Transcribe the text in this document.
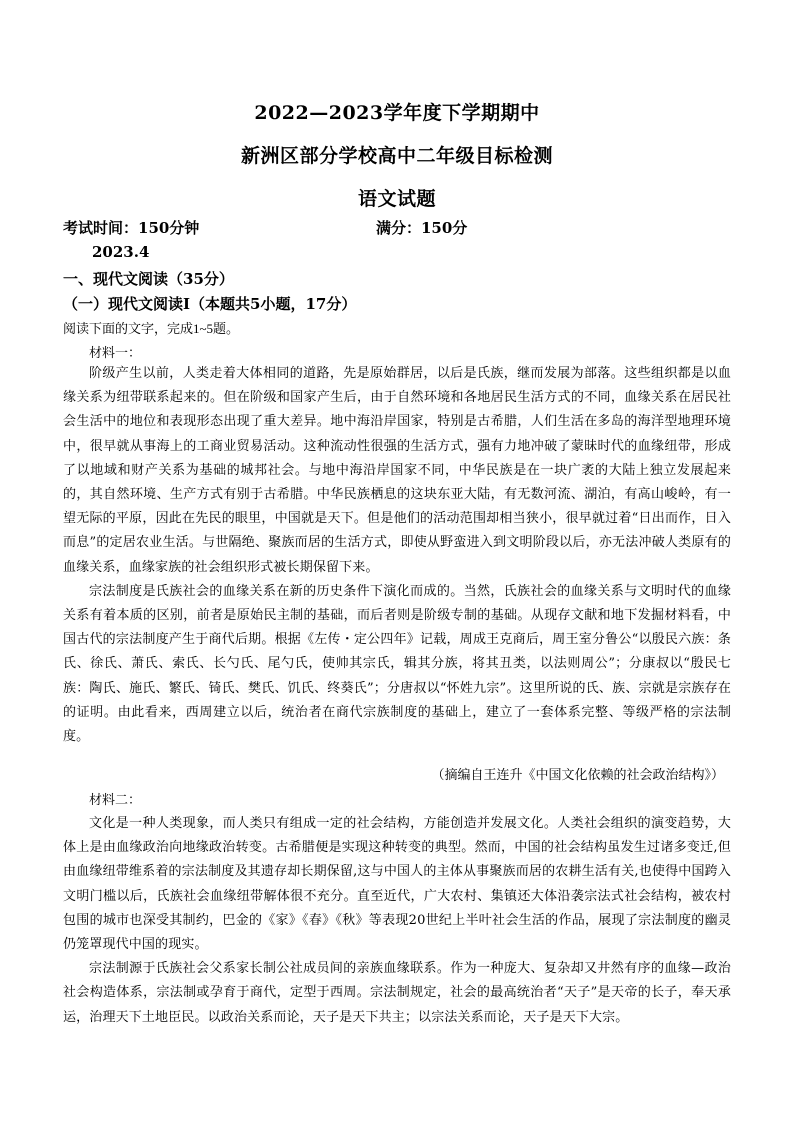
2022—2023学年度下学期期中
新洲区部分学校高中二年级目标检测
语文试题
考试时间：150分钟	满分：150分
2023.4
一、现代文阅读（35分）
（一）现代文阅读Ⅰ（本题共5小题，17分）
阅读下面的文字，完成1~5题。
材料一：

阶级产生以前，人类走着大体相同的道路，先是原始群居，以后是氏族，继而发展为部落。这些组织都是以血缘关系为纽带联系起来的。但在阶级和国家产生后，由于自然环境和各地居民生活方式的不同，血缘关系在居民社会生活中的地位和表现形态出现了重大差异。地中海沿岸国家，特别是古希腊，人们生活在多岛的海洋型地理环境中，很早就从事海上的工商业贸易活动。这种流动性很强的生活方式，强有力地冲破了蒙昧时代的血缘纽带，形成了以地域和财产关系为基础的城邦社会。与地中海沿岸国家不同，中华民族是在一块广袤的大陆上独立发展起来的，其自然环境、生产方式有别于古希腊。中华民族栖息的这块东亚大陆，有无数河流、湖泊，有高山峻岭，有一望无际的平原，因此在先民的眼里，中国就是天下。但是他们的活动范围却相当狭小，很早就过着“日出而作，日入而息”的定居农业生活。与世隔绝、聚族而居的生活方式，即使从野蛮进入到文明阶段以后，亦无法冲破人类原有的血缘关系，血缘家族的社会组织形式被长期保留下来。

宗法制度是氏族社会的血缘关系在新的历史条件下演化而成的。当然，氏族社会的血缘关系与文明时代的血缘关系有着本质的区别，前者是原始民主制的基础，而后者则是阶级专制的基础。从现存文献和地下发掘材料看，中国古代的宗法制度产生于商代后期。根据《左传・定公四年》记载，周成王克商后，周王室分鲁公“以殷民六族：条氏、徐氏、萧氏、索氏、长勺氏、尾勺氏，使帅其宗氏，辑其分族，将其丑类，以法则周公”；分康叔以“殷民七族：陶氏、施氏、繁氏、锜氏、樊氏、饥氏、终葵氏”；分唐叔以“怀姓九宗”。这里所说的氏、族、宗就是宗族存在的证明。由此看来，西周建立以后，统治者在商代宗族制度的基础上，建立了一套体系完整、等级严格的宗法制度。

（摘编自王连升《中国文化依赖的社会政治结构》）
材料二：

文化是一种人类现象，而人类只有组成一定的社会结构，方能创造并发展文化。人类社会组织的演变趋势，大体上是由血缘政治向地缘政治转变。古希腊便是实现这种转变的典型。然而，中国的社会结构虽发生过诸多变迁,但由血缘纽带维系着的宗法制度及其遗存却长期保留,这与中国人的主体从事聚族而居的农耕生活有关,也使得中国跨入文明门槛以后，氏族社会血缘纽带解体很不充分。直至近代，广大农村、集镇还大体沿袭宗法式社会结构，被农村包围的城市也深受其制约，巴金的《家》《春》《秋》等表现20世纪上半叶社会生活的作品，展现了宗法制度的幽灵仍笼罩现代中国的现实。

宗法制源于氏族社会父系家长制公社成员间的亲族血缘联系。作为一种庞大、复杂却又井然有序的血缘—政治社会构造体系，宗法制或孕育于商代，定型于西周。宗法制规定，社会的最高统治者“天子”是天帝的长子，奉天承运，治理天下土地臣民。以政治关系而论，天子是天下共主；以宗法关系而论，天子是天下大宗。
